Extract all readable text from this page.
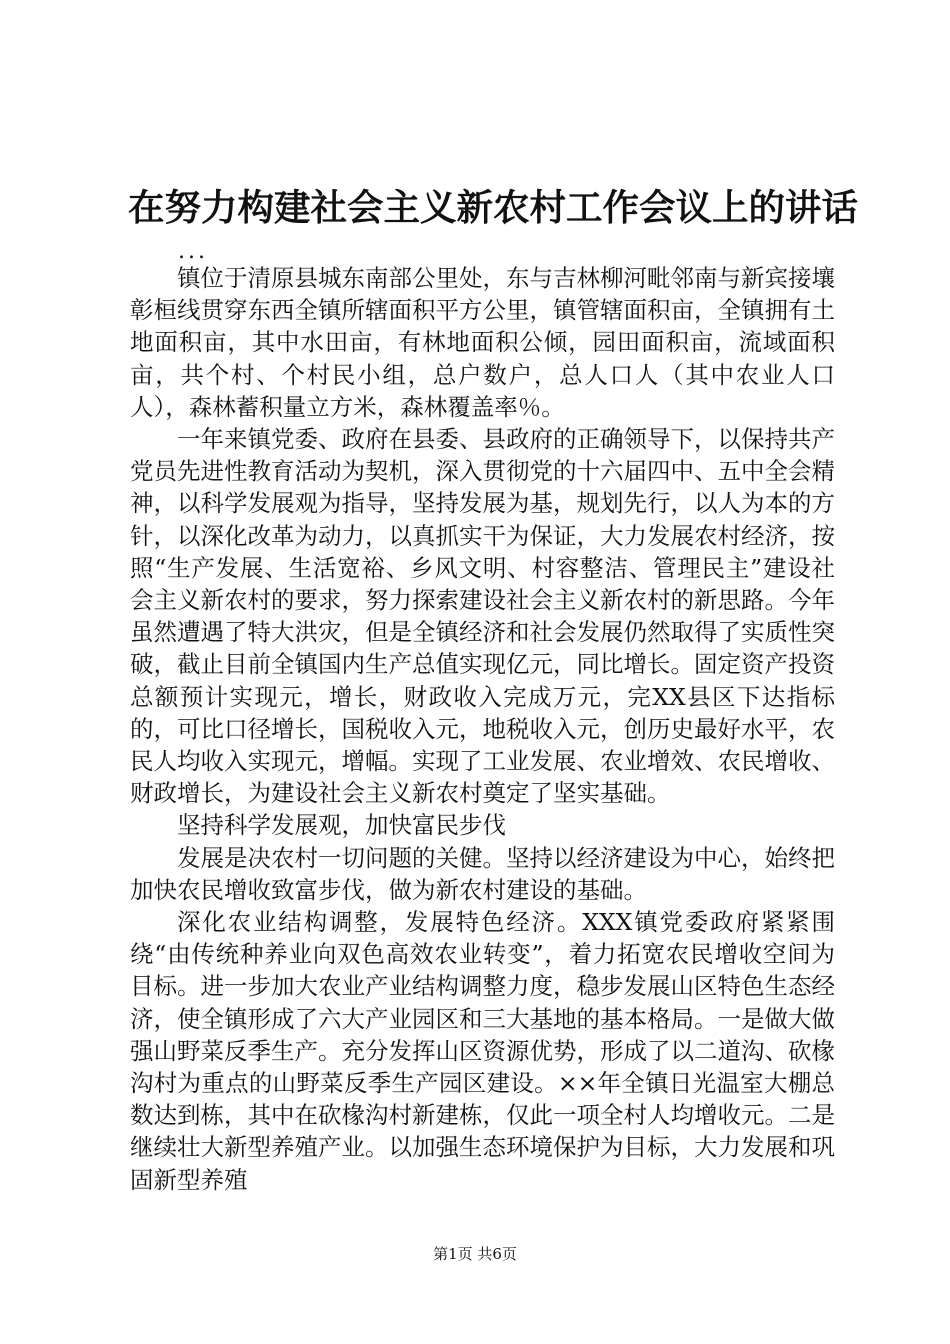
在努力构建社会主义新农村工作会议上的讲话
...

镇位于清原县城东南部公里处，东与吉林柳河毗邻南与新宾接壤彰桓线贯穿东西全镇所辖面积平方公里，镇管辖面积亩，全镇拥有土地面积亩，其中水田亩，有林地面积公倾，园田面积亩，流域面积亩，共个村、个村民小组，总户数户，总人口人（其中农业人口人），森林蓄积量立方米，森林覆盖率％。

一年来镇党委、政府在县委、县政府的正确领导下，以保持共产党员先进性教育活动为契机，深入贯彻党的十六届四中、五中全会精神，以科学发展观为指导，坚持发展为基，规划先行，以人为本的方针，以深化改革为动力，以真抓实干为保证，大力发展农村经济，按照“生产发展、生活宽裕、乡风文明、村容整洁、管理民主”建设社会主义新农村的要求，努力探索建设社会主义新农村的新思路。今年虽然遭遇了特大洪灾，但是全镇经济和社会发展仍然取得了实质性突破，截止目前全镇国内生产总值实现亿元，同比增长。固定资产投资总额预计实现元，增长，财政收入完成万元，完XX县区下达指标的，可比口径增长，国税收入元，地税收入元，创历史最好水平，农民人均收入实现元，增幅。实现了工业发展、农业增效、农民增收、财政增长，为建设社会主义新农村奠定了坚实基础。

坚持科学发展观，加快富民步伐

发展是决农村一切问题的关健。坚持以经济建设为中心，始终把加快农民增收致富步伐，做为新农村建设的基础。

深化农业结构调整，发展特色经济。XXX镇党委政府紧紧围绕“由传统种养业向双色高效农业转变”，着力拓宽农民增收空间为目标。进一步加大农业产业结构调整力度，稳步发展山区特色生态经济，使全镇形成了六大产业园区和三大基地的基本格局。一是做大做强山野菜反季生产。充分发挥山区资源优势，形成了以二道沟、砍椽沟村为重点的山野菜反季生产园区建设。××年全镇日光温室大棚总数达到栋，其中在砍椽沟村新建栋，仅此一项全村人均增收元。二是继续壮大新型养殖产业。以加强生态环境保护为目标，大力发展和巩固新型养殖

第1页 共6页
